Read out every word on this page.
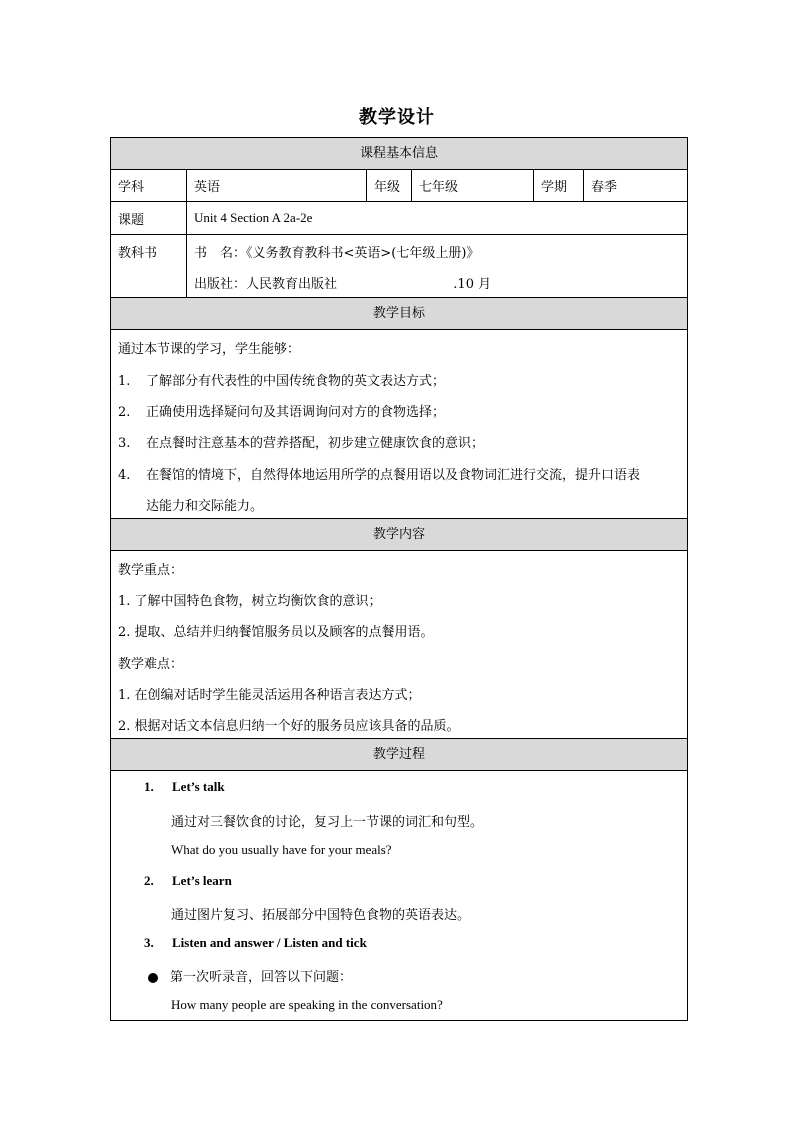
教学设计
课程基本信息
学科	英语	年级	七年级	学期	春季
课题	Unit 4 Section A 2a-2e
教科书	书　名：《义务教育教科书<英语>(七年级上册)》
出版社：人民教育出版社	.10 月
教学目标
通过本节课的学习，学生能够：
1. 了解部分有代表性的中国传统食物的英文表达方式；
2. 正确使用选择疑问句及其语调询问对方的食物选择；
3. 在点餐时注意基本的营养搭配，初步建立健康饮食的意识；
4. 在餐馆的情境下，自然得体地运用所学的点餐用语以及食物词汇进行交流，提升口语表
达能力和交际能力。
教学内容
教学重点：
1. 了解中国特色食物，树立均衡饮食的意识；
2. 提取、总结并归纳餐馆服务员以及顾客的点餐用语。
教学难点：
1. 在创编对话时学生能灵活运用各种语言表达方式；
2. 根据对话文本信息归纳一个好的服务员应该具备的品质。
教学过程
1. Let’s talk
通过对三餐饮食的讨论，复习上一节课的词汇和句型。
What do you usually have for your meals?
2. Let’s learn
通过图片复习、拓展部分中国特色食物的英语表达。
3. Listen and answer / Listen and tick
第一次听录音，回答以下问题：
How many people are speaking in the conversation?
